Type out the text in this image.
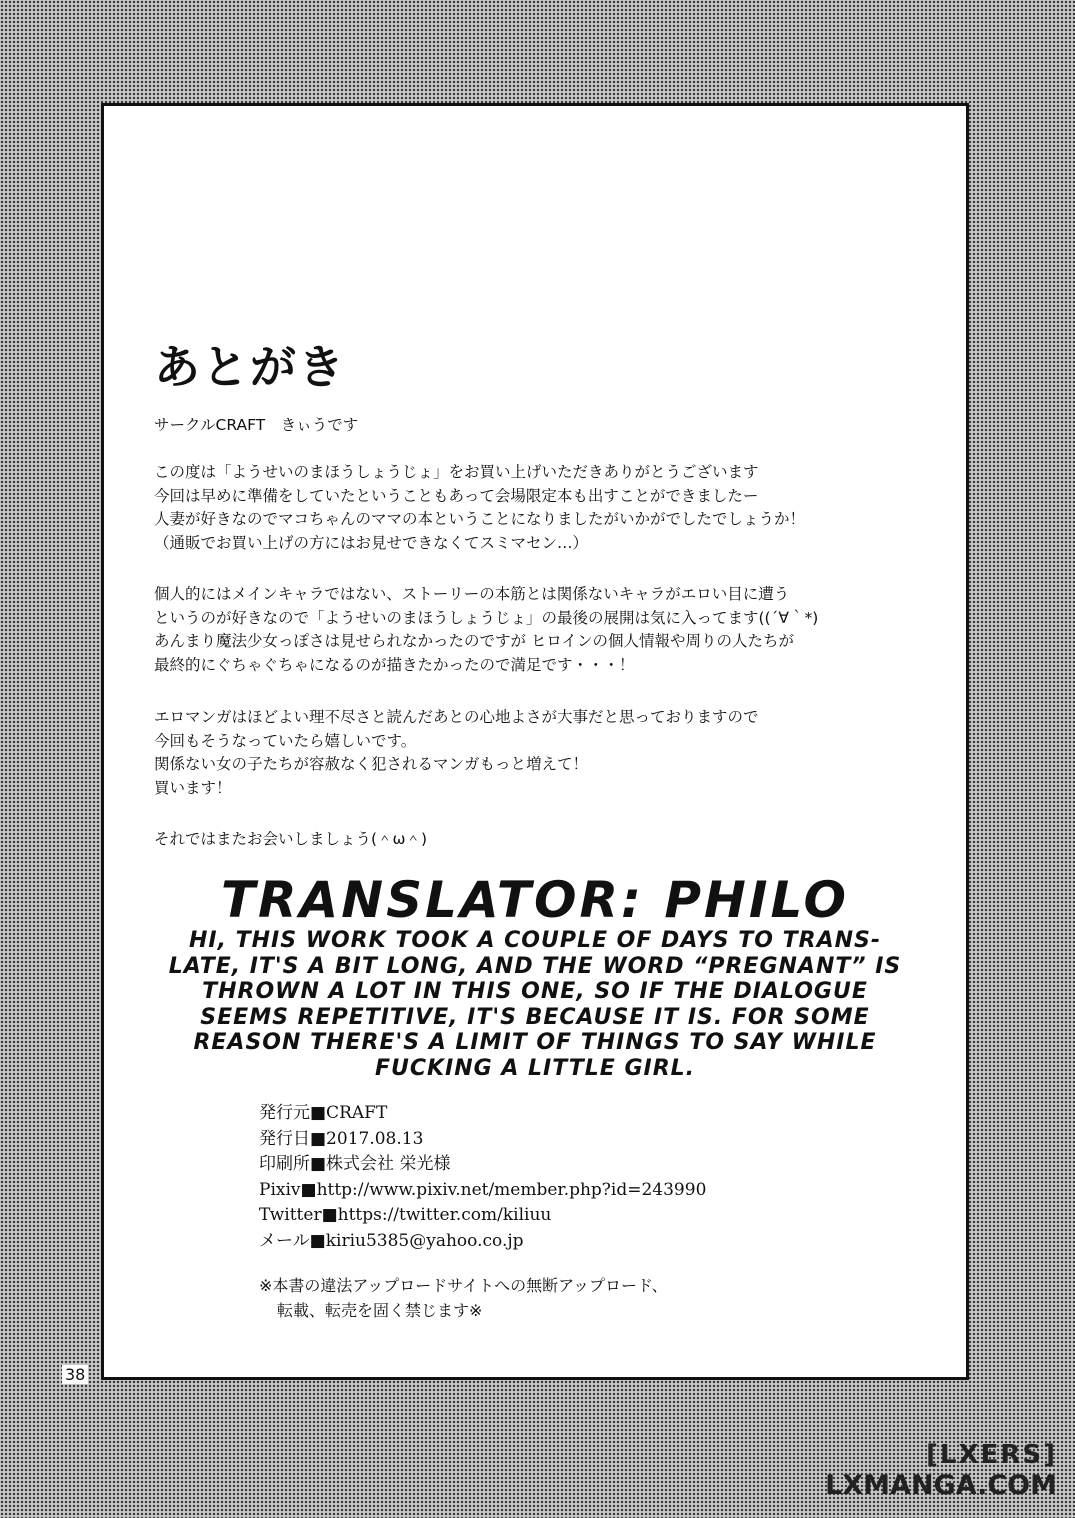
あとがき
サークルCRAFT　きぃうです
この度は「ようせいのまほうしょうじょ」をお買い上げいただきありがとうございます
今回は早めに準備をしていたということもあって会場限定本も出すことができましたー
人妻が好きなのでマコちゃんのママの本ということになりましたがいかがでしたでしょうか！
（通販でお買い上げの方にはお見せできなくてスミマセン…）
個人的にはメインキャラではない、ストーリーの本筋とは関係ないキャラがエロい目に遭う
というのが好きなので「ようせいのまほうしょうじょ」の最後の展開は気に入ってます((´∀｀*)
あんまり魔法少女っぽさは見せられなかったのですが ヒロインの個人情報や周りの人たちが
最終的にぐちゃぐちゃになるのが描きたかったので満足です・・・！
エロマンガはほどよい理不尽さと読んだあとの心地よさが大事だと思っておりますので
今回もそうなっていたら嬉しいです。
関係ない女の子たちが容赦なく犯されるマンガもっと増えて！
買います！
それではまたお会いしましょう(＾ω＾)
TRANSLATOR: PHILO
HI, THIS WORK TOOK A COUPLE OF DAYS TO TRANS-
LATE, IT'S A BIT LONG, AND THE WORD “PREGNANT” IS
THROWN A LOT IN THIS ONE, SO IF THE DIALOGUE
SEEMS REPETITIVE, IT'S BECAUSE IT IS. FOR SOME
REASON THERE'S A LIMIT OF THINGS TO SAY WHILE
FUCKING A LITTLE GIRL.
発行元■CRAFT
発行日■2017.08.13
印刷所■株式会社 栄光様
Pixiv■http://www.pixiv.net/member.php?id=243990
Twitter■https://twitter.com/kiliuu
メール■kiriu5385@yahoo.co.jp
※本書の違法アップロードサイトへの無断アップロード、
転載、転売を固く禁じます※
38
[LXERS]
LXMANGA.COM
